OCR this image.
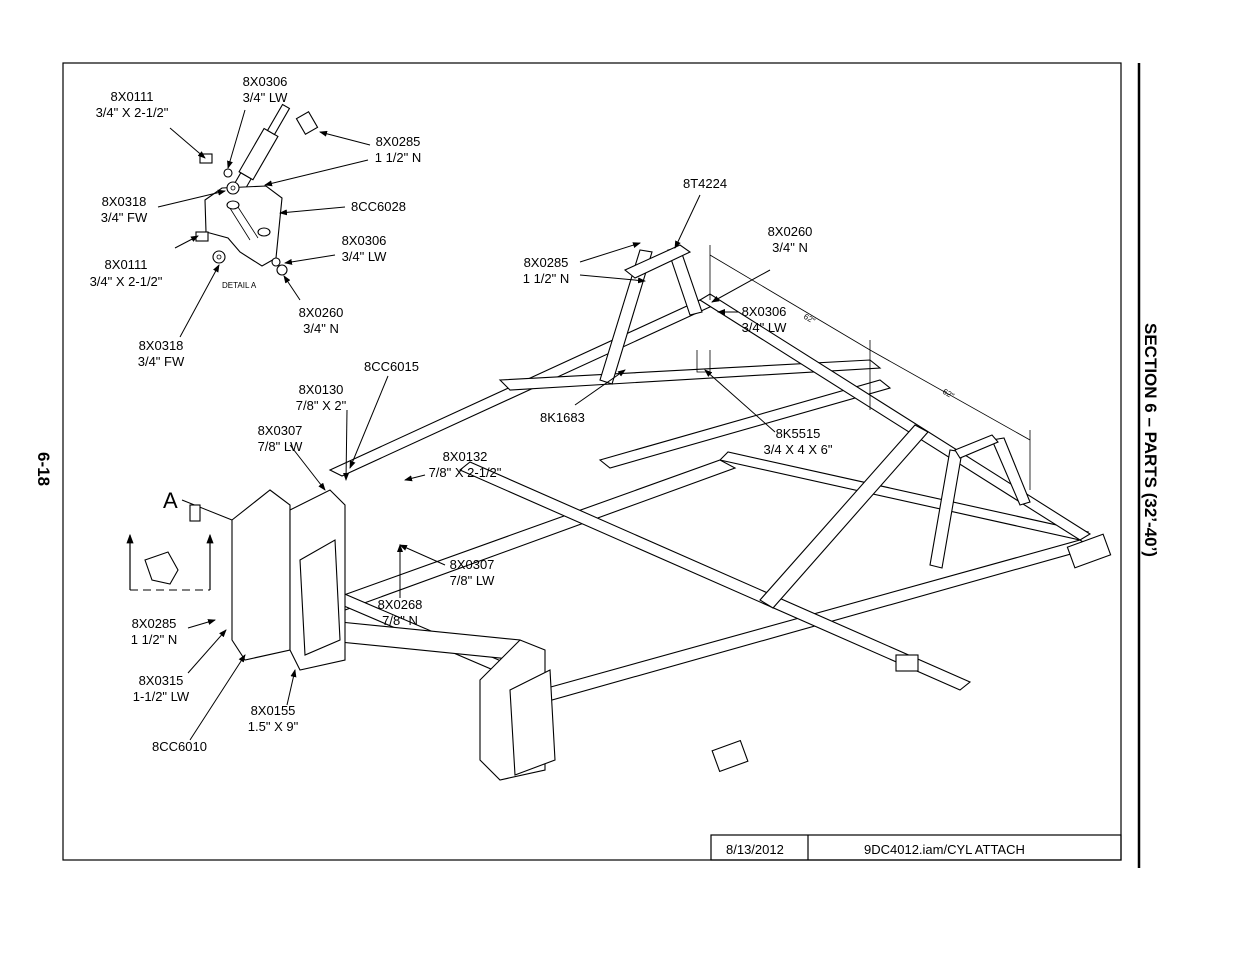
8/13/2012	9DC4012.iam/CYL ATTACH
6-18	SECTION 6 – PARTS (32’-40’)
DETAIL A
62"
62"
A
8X0111 3/4" X 2-1/2"
8X0306 3/4" LW
8X0285 1 1/2" N
8X0318 3/4" FW
8CC6028
8X0306 3/4" LW
8X0111 3/4" X 2-1/2"
8X0260 3/4" N
8X0318 3/4" FW
8T4224
8X0285 1 1/2" N
8X0260 3/4" N
8X0306 3/4" LW
8CC6015
8X0130 7/8" X 2"
8K1683
8K5515 3/4 X 4 X 6"
8X0307 7/8" LW
8X0132 7/8" X 2-1/2"
8X0307 7/8" LW
8X0268 7/8" N
8X0285 1 1/2" N
8X0315 1-1/2" LW
8X0155 1.5" X 9"
8CC6010
